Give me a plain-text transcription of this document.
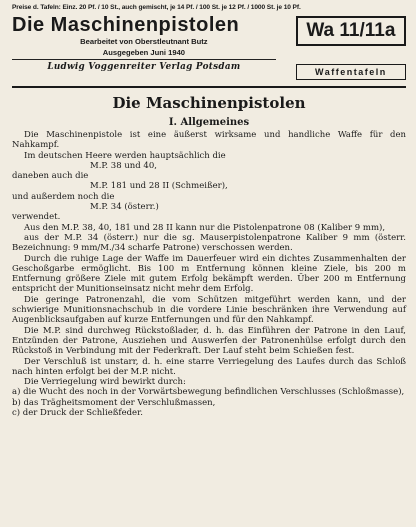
Preise d. Tafeln: Einz. 20 Pf. / 10 St., auch gemischt, je 14 Pf. / 100 St. je 12 Pf. / 1000 St. je 10 Pf.
Die Maschinenpistolen
Bearbeitet von Oberstleutnant Butz
Ausgegeben Juni 1940
Ludwig Voggenreiter Verlag Potsdam
Wa 11/11a
Waffentafeln
Die Maschinenpistolen
I. Allgemeines

Die Maschinenpistole ist eine äußerst wirksame und handliche Waffe für den Nahkampf.

Im deutschen Heere werden hauptsächlich die

M.P. 38 und 40,

daneben auch die

M.P. 181 und 28 II (Schmeißer),

und außerdem noch die

M.P. 34 (österr.)

verwendet.

Aus den M.P. 38, 40, 181 und 28 II kann nur die Pistolenpatrone 08 (Kaliber 9 mm),

aus der M.P. 34 (österr.) nur die sg. Mauserpistolenpatrone Kaliber 9 mm (österr. Bezeichnung: 9 mm/M./34 scharfe Patrone) verschossen werden.

Durch die ruhige Lage der Waffe im Dauerfeuer wird ein dichtes Zusammenhalten der Geschoßgarbe ermöglicht. Bis 100 m Entfernung können kleine Ziele, bis 200 m Entfernung größere Ziele mit gutem Erfolg bekämpft werden. Über 200 m Entfernung entspricht der Munitionseinsatz nicht mehr dem Erfolg.

Die geringe Patronenzahl, die vom Schützen mitgeführt werden kann, und der schwierige Munitionsnachschub in die vordere Linie beschränken ihre Verwendung auf Augenblicksaufgaben auf kurze Entfernungen und für den Nahkampf.

Die M.P. sind durchweg Rückstoßlader, d. h. das Einführen der Patrone in den Lauf, Entzünden der Patrone, Ausziehen und Auswerfen der Patronenhülse erfolgt durch den Rückstoß in Verbindung mit der Federkraft. Der Lauf steht beim Schießen fest.

Der Verschluß ist unstarr, d. h. eine starre Verriegelung des Laufes durch das Schloß nach hinten erfolgt bei der M.P. nicht.

Die Verriegelung wird bewirkt durch:

a) die Wucht des noch in der Vorwärtsbewegung befindlichen Verschlusses (Schloßmasse),

b) das Trägheitsmoment der Verschlußmassen,

c) der Druck der Schließfeder.
